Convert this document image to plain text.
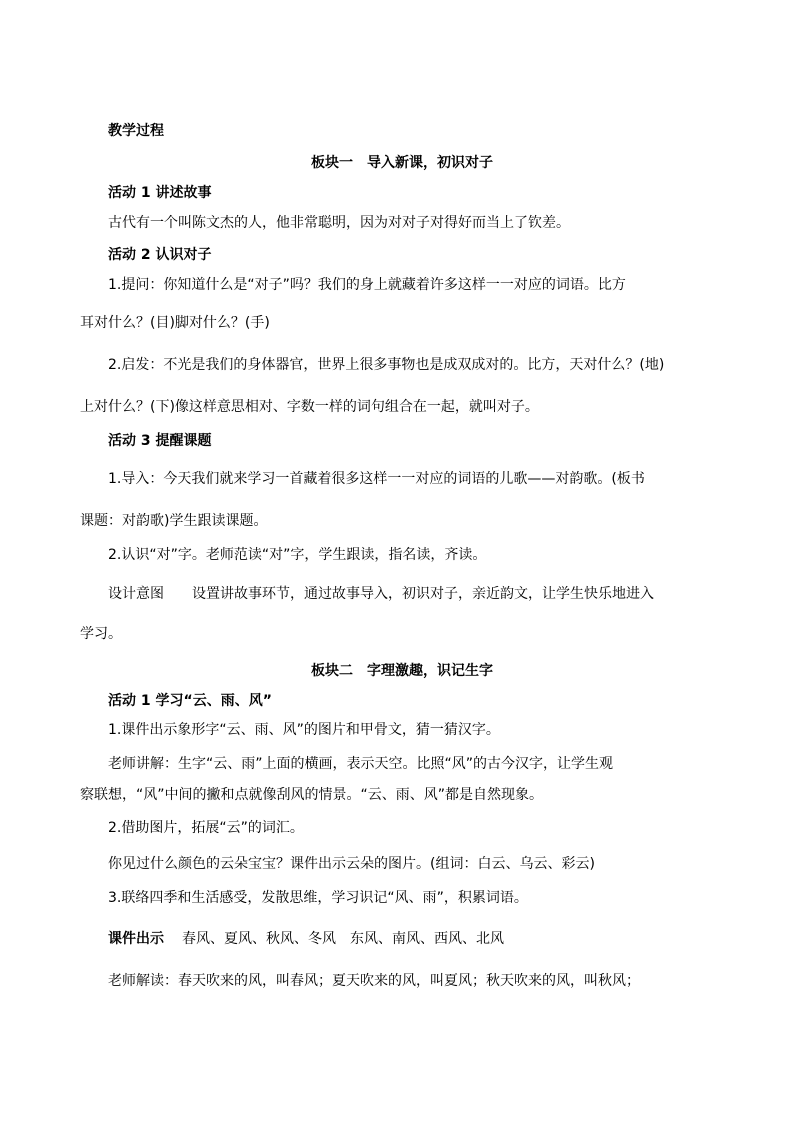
教学过程

板块一　导入新课，初识对子

活动 1 讲述故事

古代有一个叫陈文杰的人，他非常聪明，因为对对子对得好而当上了钦差。

活动 2 认识对子

1.提问：你知道什么是“对子”吗？我们的身上就藏着许多这样一一对应的词语。比方

耳对什么？(目)脚对什么？(手)

2.启发：不光是我们的身体器官，世界上很多事物也是成双成对的。比方，天对什么？(地)

上对什么？(下)像这样意思相对、字数一样的词句组合在一起，就叫对子。

活动 3 提醒课题

1.导入：今天我们就来学习一首藏着很多这样一一对应的词语的儿歌——对韵歌。(板书

课题：对韵歌)学生跟读课题。

2.认识“对”字。老师范读“对”字，学生跟读，指名读，齐读。

设计意图 设置讲故事环节，通过故事导入，初识对子，亲近韵文，让学生快乐地进入

学习。

板块二　字理激趣，识记生字

活动 1 学习“云、雨、风”

1.课件出示象形字“云、雨、风”的图片和甲骨文，猜一猜汉字。

老师讲解：生字“云、雨”上面的横画，表示天空。比照“风”的古今汉字，让学生观

察联想，“风”中间的撇和点就像刮风的情景。“云、雨、风”都是自然现象。

2.借助图片，拓展“云”的词汇。

你见过什么颜色的云朵宝宝？课件出示云朵的图片。(组词：白云、乌云、彩云)

3.联络四季和生活感受，发散思维，学习识记“风、雨”，积累词语。

课件出示 春风、夏风、秋风、冬风 东风、南风、西风、北风

老师解读：春天吹来的风，叫春风；夏天吹来的风，叫夏风；秋天吹来的风，叫秋风；
